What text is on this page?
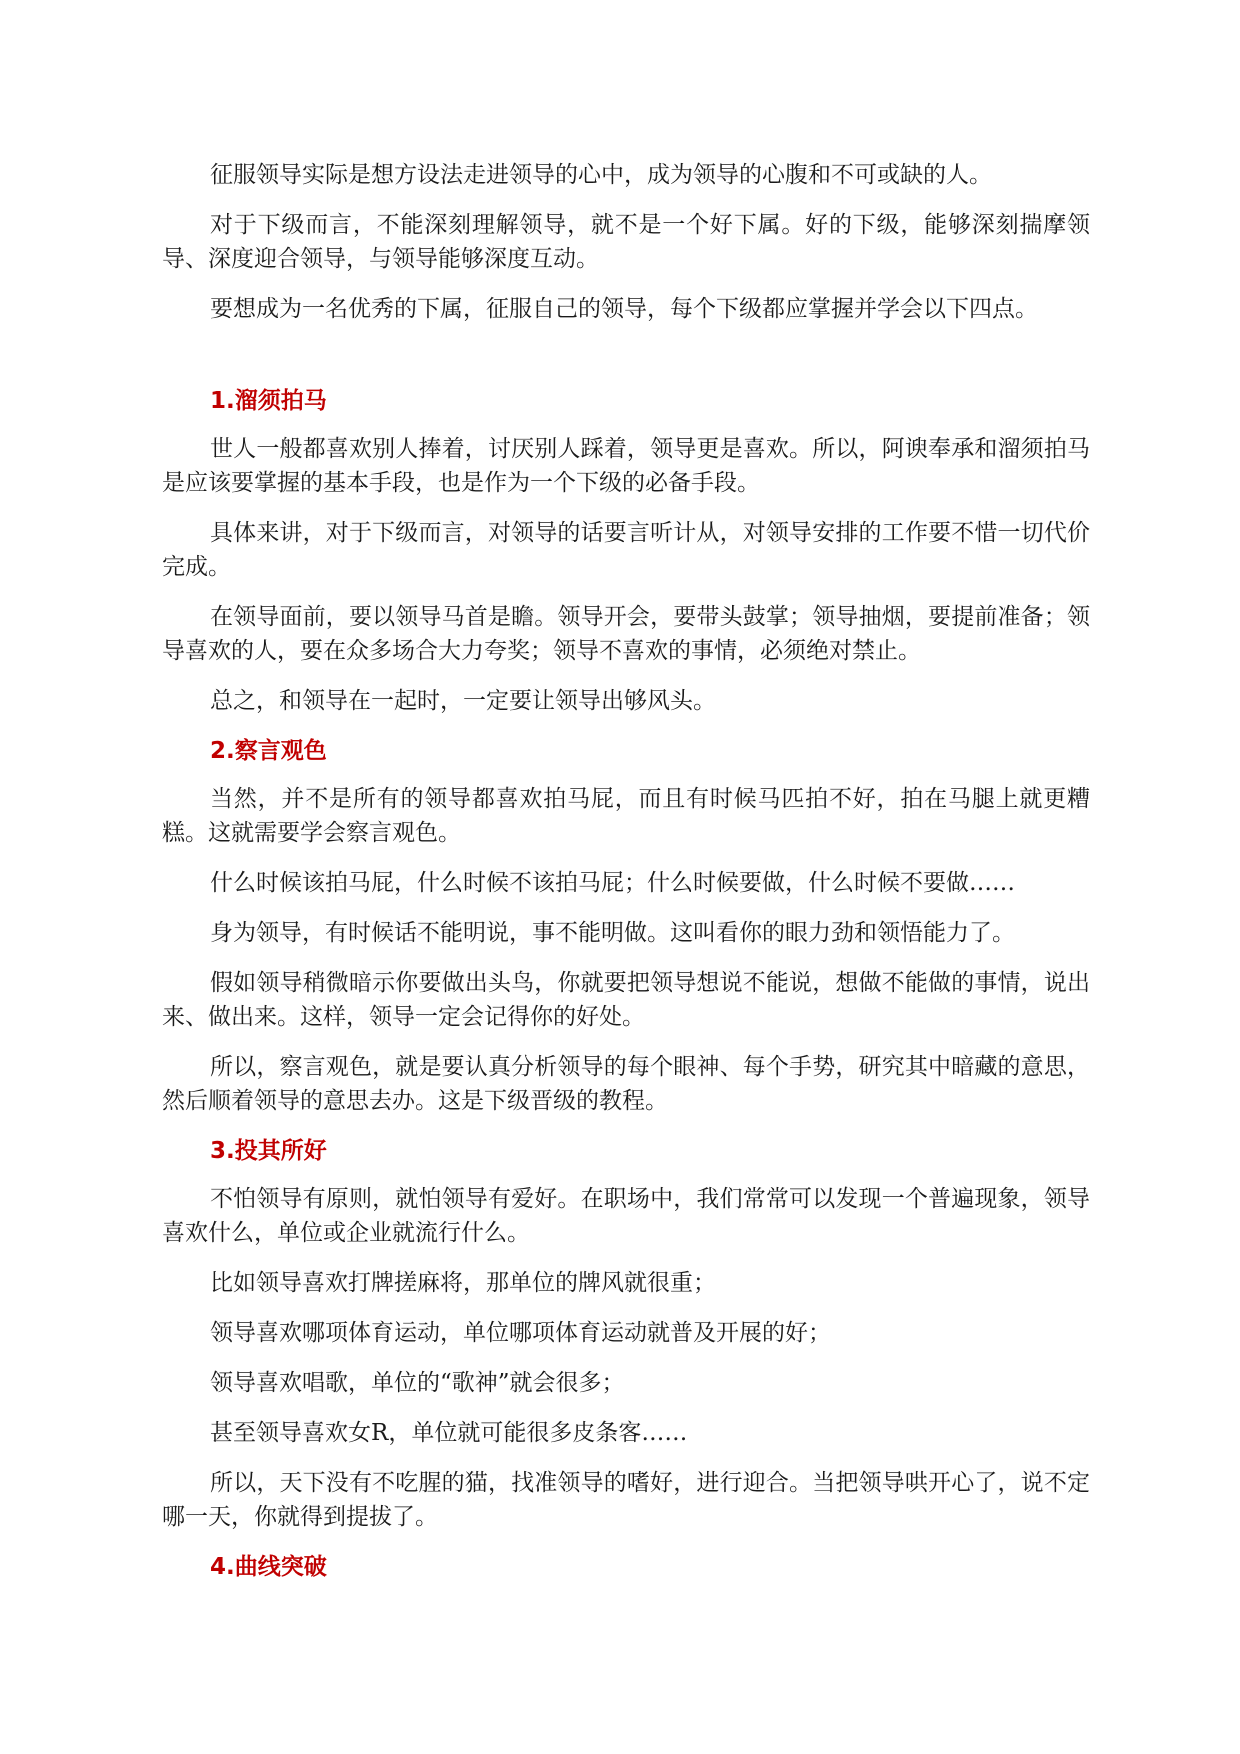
征服领导实际是想方设法走进领导的心中，成为领导的心腹和不可或缺的人。

对于下级而言，不能深刻理解领导，就不是一个好下属。好的下级，能够深刻揣摩领导、深度迎合领导，与领导能够深度互动。

要想成为一名优秀的下属，征服自己的领导，每个下级都应掌握并学会以下四点。

1.溜须拍马

世人一般都喜欢别人捧着，讨厌别人踩着，领导更是喜欢。所以，阿谀奉承和溜须拍马是应该要掌握的基本手段，也是作为一个下级的必备手段。

具体来讲，对于下级而言，对领导的话要言听计从，对领导安排的工作要不惜一切代价完成。

在领导面前，要以领导马首是瞻。领导开会，要带头鼓掌；领导抽烟，要提前准备；领导喜欢的人，要在众多场合大力夸奖；领导不喜欢的事情，必须绝对禁止。

总之，和领导在一起时，一定要让领导出够风头。

2.察言观色

当然，并不是所有的领导都喜欢拍马屁，而且有时候马匹拍不好，拍在马腿上就更糟糕。这就需要学会察言观色。

什么时候该拍马屁，什么时候不该拍马屁；什么时候要做，什么时候不要做……

身为领导，有时候话不能明说，事不能明做。这叫看你的眼力劲和领悟能力了。

假如领导稍微暗示你要做出头鸟，你就要把领导想说不能说，想做不能做的事情，说出来、做出来。这样，领导一定会记得你的好处。

所以，察言观色，就是要认真分析领导的每个眼神、每个手势，研究其中暗藏的意思，然后顺着领导的意思去办。这是下级晋级的教程。

3.投其所好

不怕领导有原则，就怕领导有爱好。在职场中，我们常常可以发现一个普遍现象，领导喜欢什么，单位或企业就流行什么。

比如领导喜欢打牌搓麻将，那单位的牌风就很重；

领导喜欢哪项体育运动，单位哪项体育运动就普及开展的好；

领导喜欢唱歌，单位的“歌神”就会很多；

甚至领导喜欢女R，单位就可能很多皮条客……

所以，天下没有不吃腥的猫，找准领导的嗜好，进行迎合。当把领导哄开心了，说不定哪一天，你就得到提拔了。

4.曲线突破
